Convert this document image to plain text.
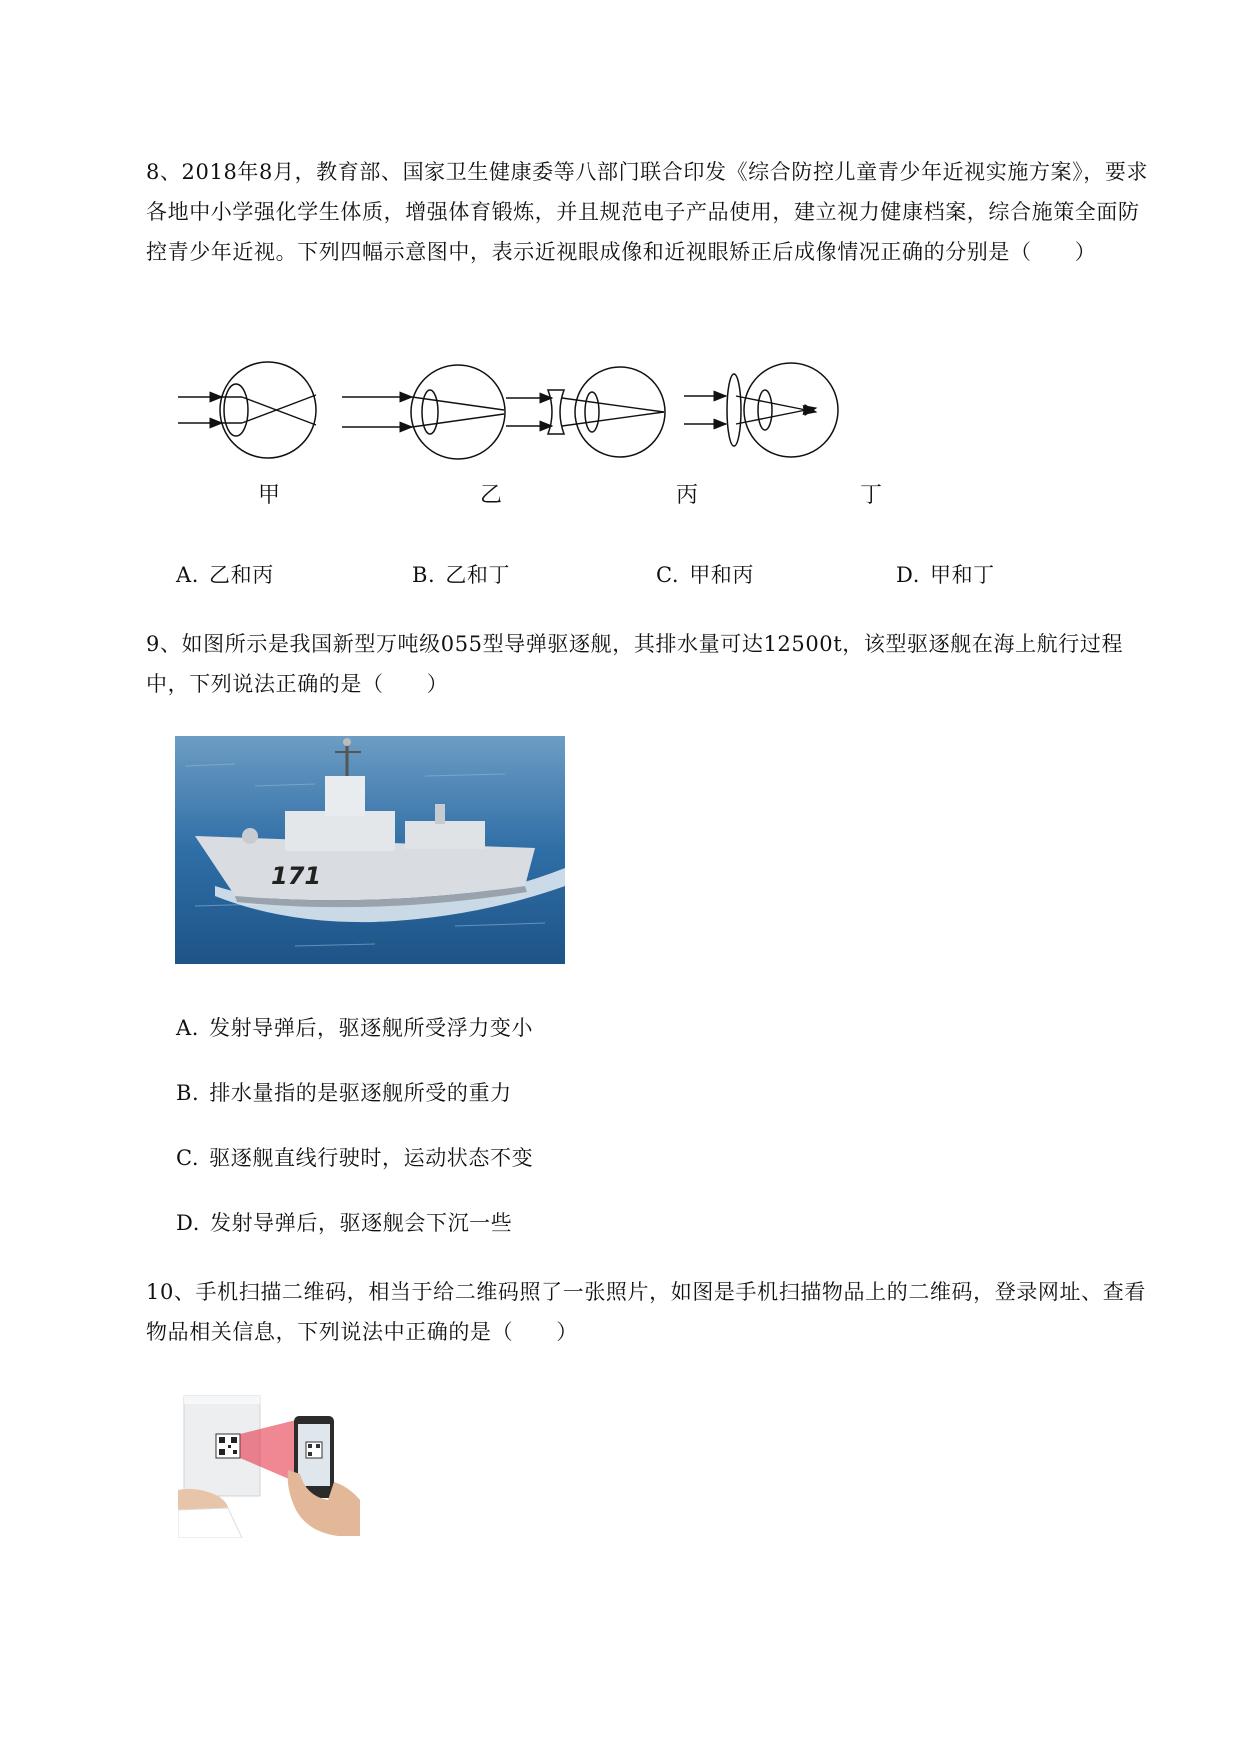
8、2018年8月，教育部、国家卫生健康委等八部门联合印发《综合防控儿童青少年近视实施方案》，要求各地中小学强化学生体质，增强体育锻炼，并且规范电子产品使用，建立视力健康档案，综合施策全面防控青少年近视。下列四幅示意图中，表示近视眼成像和近视眼矫正后成像情况正确的分别是（　　）

甲	乙	丙	丁
A. 乙和丙	B. 乙和丁	C. 甲和丙	D. 甲和丁

9、如图所示是我国新型万吨级055型导弹驱逐舰，其排水量可达12500t，该型驱逐舰在海上航行过程中，下列说法正确的是（　　）

171
A. 发射导弹后，驱逐舰所受浮力变小
B. 排水量指的是驱逐舰所受的重力
C. 驱逐舰直线行驶时，运动状态不变
D. 发射导弹后，驱逐舰会下沉一些

10、手机扫描二维码，相当于给二维码照了一张照片，如图是手机扫描物品上的二维码，登录网址、查看物品相关信息，下列说法中正确的是（　　）
